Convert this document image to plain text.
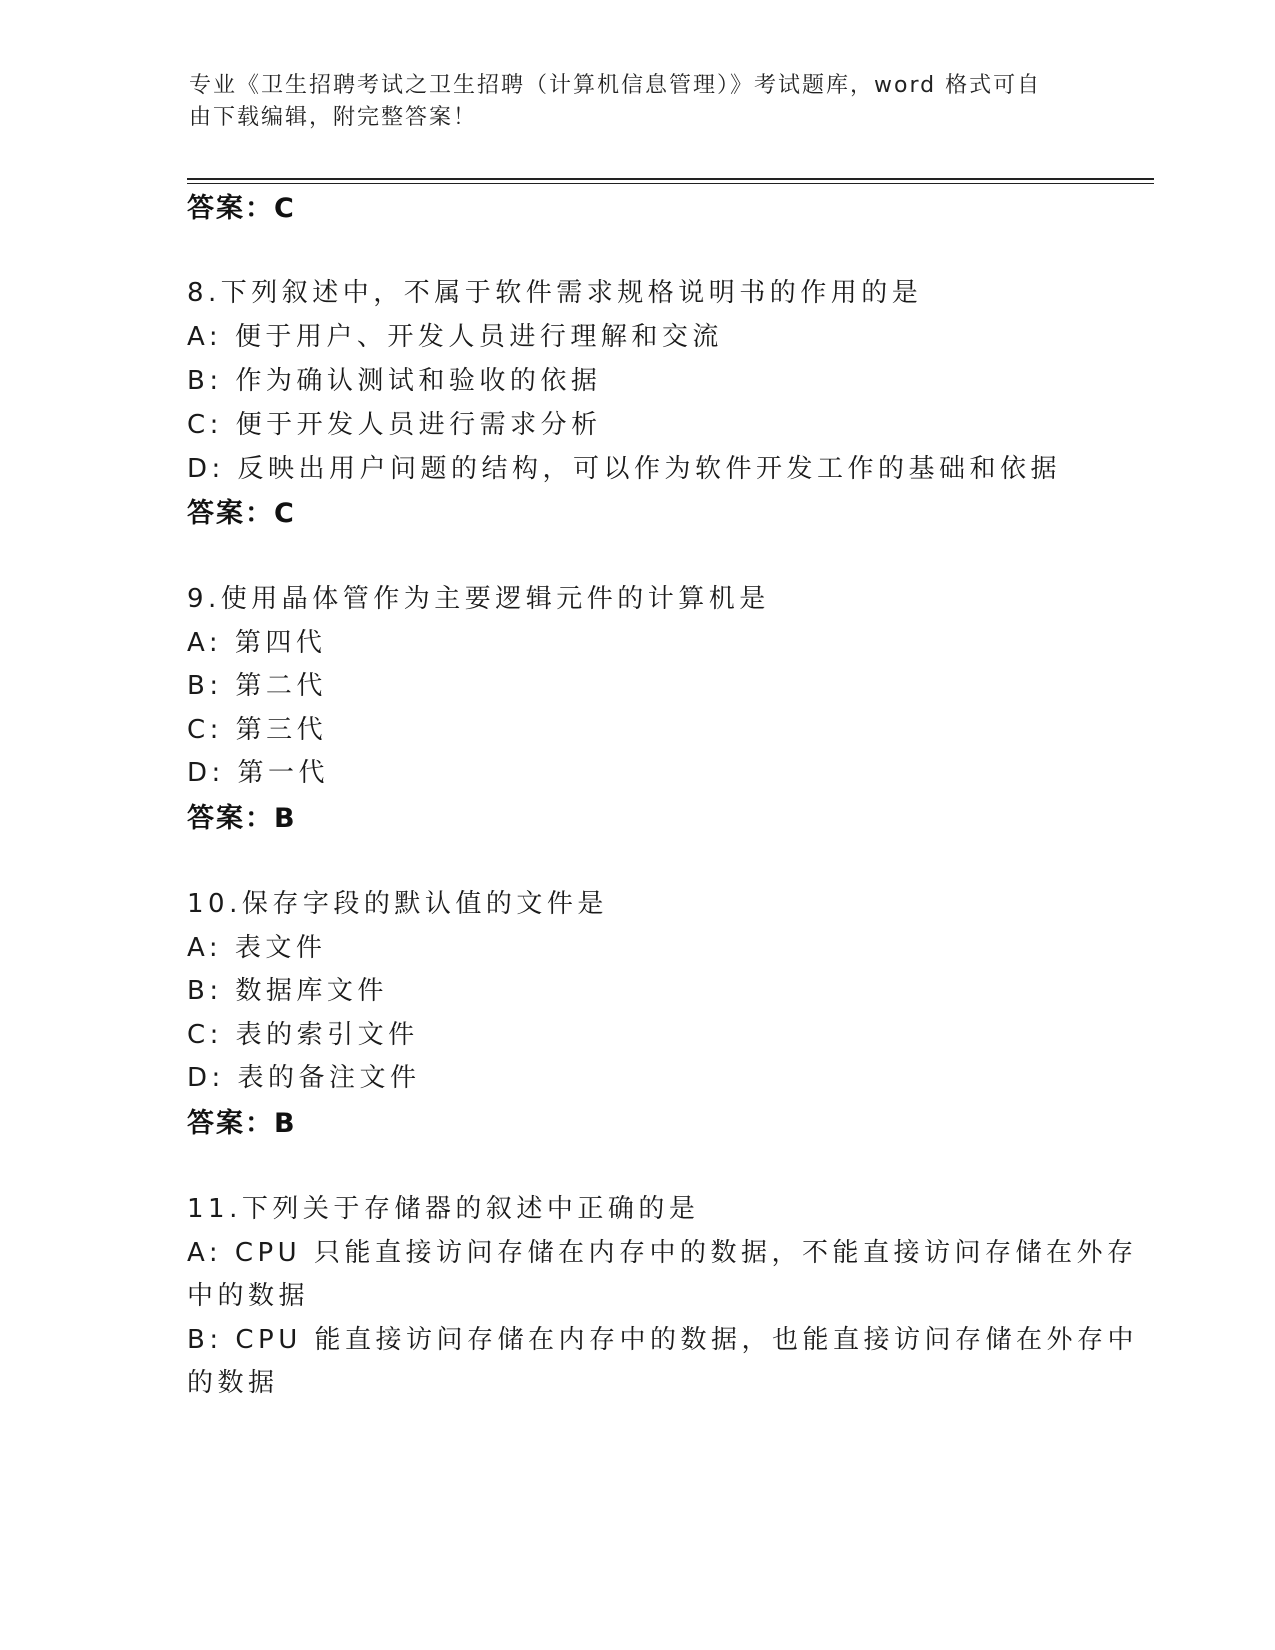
专业《卫生招聘考试之卫生招聘（计算机信息管理）》考试题库，word 格式可自
由下载编辑，附完整答案！
答案：C
8.下列叙述中，不属于软件需求规格说明书的作用的是
A: 便于用户、开发人员进行理解和交流
B: 作为确认测试和验收的依据
C: 便于开发人员进行需求分析
D: 反映出用户问题的结构，可以作为软件开发工作的基础和依据
答案：C
9.使用晶体管作为主要逻辑元件的计算机是
A: 第四代
B: 第二代
C: 第三代
D: 第一代
答案：B
10.保存字段的默认值的文件是
A: 表文件
B: 数据库文件
C: 表的索引文件
D: 表的备注文件
答案：B
11.下列关于存储器的叙述中正确的是
A: CPU 只能直接访问存储在内存中的数据，不能直接访问存储在外存
中的数据
B: CPU 能直接访问存储在内存中的数据，也能直接访问存储在外存中
的数据
